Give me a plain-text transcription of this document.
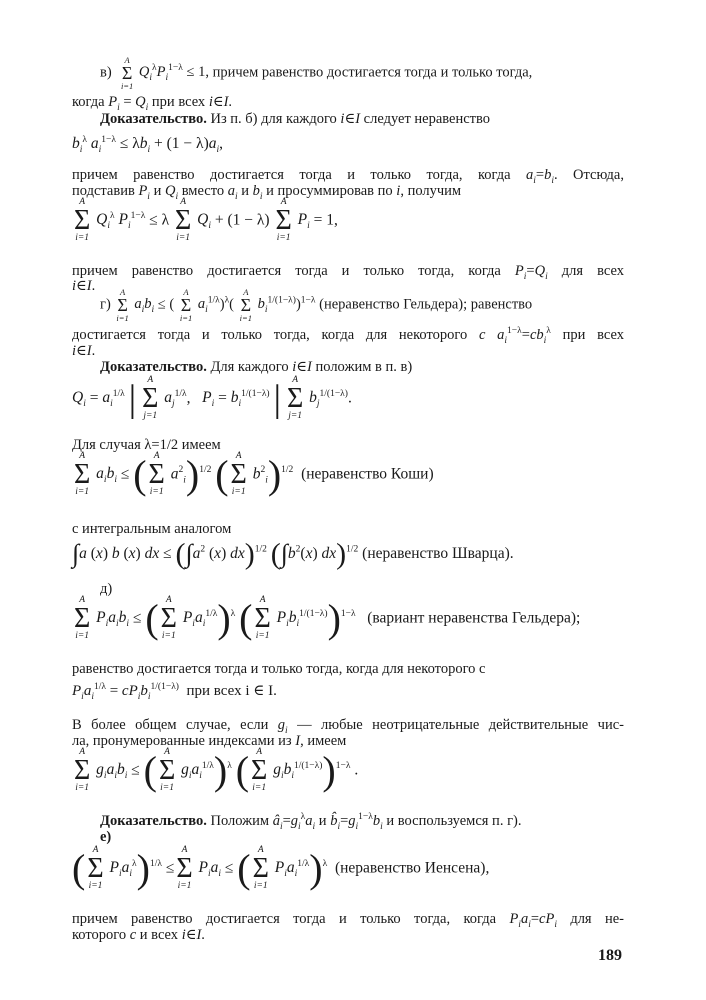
в)
A
Σ
i=1
$Q_i^\lambda P_i^{1-\lambda} \le 1$, причем равенство достигается тогда и только тогда,
когда $P_i = Q_i$ при всех i∈I.
Доказательство. Из п. б) для каждого i∈I следует неравенство
$b_i^\lambda$ $a_i^{1-\lambda} \le \lambda b_i + (1 - \lambda)a_i$,
причем равенство достигается тогда и только тогда, когда $a_i=b_i$. Отсюда,
подставив $P_i$ и $Q_i$ вместо $a_i$ и $b_i$ и просуммировав по i, получим
A
Σ
i=1
$Q_i^\lambda$ $P_i^{1-\lambda} \le \lambda$
A
Σ
i=1
$Q_i + (1 - \lambda)$
A
Σ
i=1
$P_i = 1$,
причем равенство достигается тогда и только тогда, когда $P_i=Q_i$ для всех
i∈I.
г)
A
Σ
i=1
$a_ib_i$ ≤ (
A
Σ
i=1
$a_i^{1/\lambda})^\lambda$(
A
Σ
i=1
$b_i^{1/(1-\lambda)})^{1-\lambda}$ (неравенство Гельдера); равенство
достигается тогда и только тогда, когда для некоторого c $a_i^{1-\lambda}=cb_i^\lambda$ при всех
i∈I.
Доказательство. Для каждого i∈I положим в п. в)
$Q_i = a_i^{1/\lambda}$ |	A
Σ
j=1
$a_j^{1/\lambda}$,   $P_i = b_i^{1/(1-\lambda)}$ |	A
Σ
j=1
$b_j^{1/(1-\lambda)}$.
Для случая λ=1/2 имеем
A
Σ
i=1
$a_ib_i$ ≤ ( A
Σ
i=1
$a^2_i)^{1/2}$ ( A
Σ
i=1
$b^2_i)^{1/2}$ (неравенство Коши)
с интегральным аналогом
∫a (x) b (x) dx ≤ ($\int a^2$ (x) dx)$^{1/2}$ ($\int b^2(x)$ dx)$^{1/2}$ (неравенство Шварца).
д)
A
Σ
i=1
$P_ia_ib_i$ ≤ ( A
Σ
i=1
$P_ia_i^{1/\lambda})^\lambda$ ( A
Σ
i=1
$P_ib_i^{1/(1-\lambda)})^{1-\lambda}$ (вариант неравенства Гельдера);
равенство достигается тогда и только тогда, когда для некоторого c
$P_ia_i^{1/\lambda} = cP_ib_i^{1/(1-\lambda)}$ при всех i ∈ I.
В более общем случае, если $g_i$ — любые неотрицательные действительные чис-
ла, пронумерованные индексами из I, имеем
A
Σ
i=1
$g_ia_ib_i$ ≤ ( A
Σ
i=1
$g_ia_i^{1/\lambda})^\lambda$ ( A
Σ
i=1
$g_ib_i^{1/(1-\lambda)})^{1-\lambda}$ .
Доказательство. Положим $â_i=g_i^\lambda a_i$ и $b̂_i=g_i^{1-\lambda}b_i$ и воспользуемся п. г).
е)
( A
Σ
i=1
$P_ia_i^\lambda)^{1/\lambda}$ ≤
A
Σ
i=1
$P_ia_i$ ≤ ( A
Σ
i=1
$P_ia_i^{1/\lambda})^\lambda$ (неравенство Иенсена),
причем равенство достигается тогда и только тогда, когда $P_ia_i=cP_i$ для не-
которого c и всех i∈I.
189
